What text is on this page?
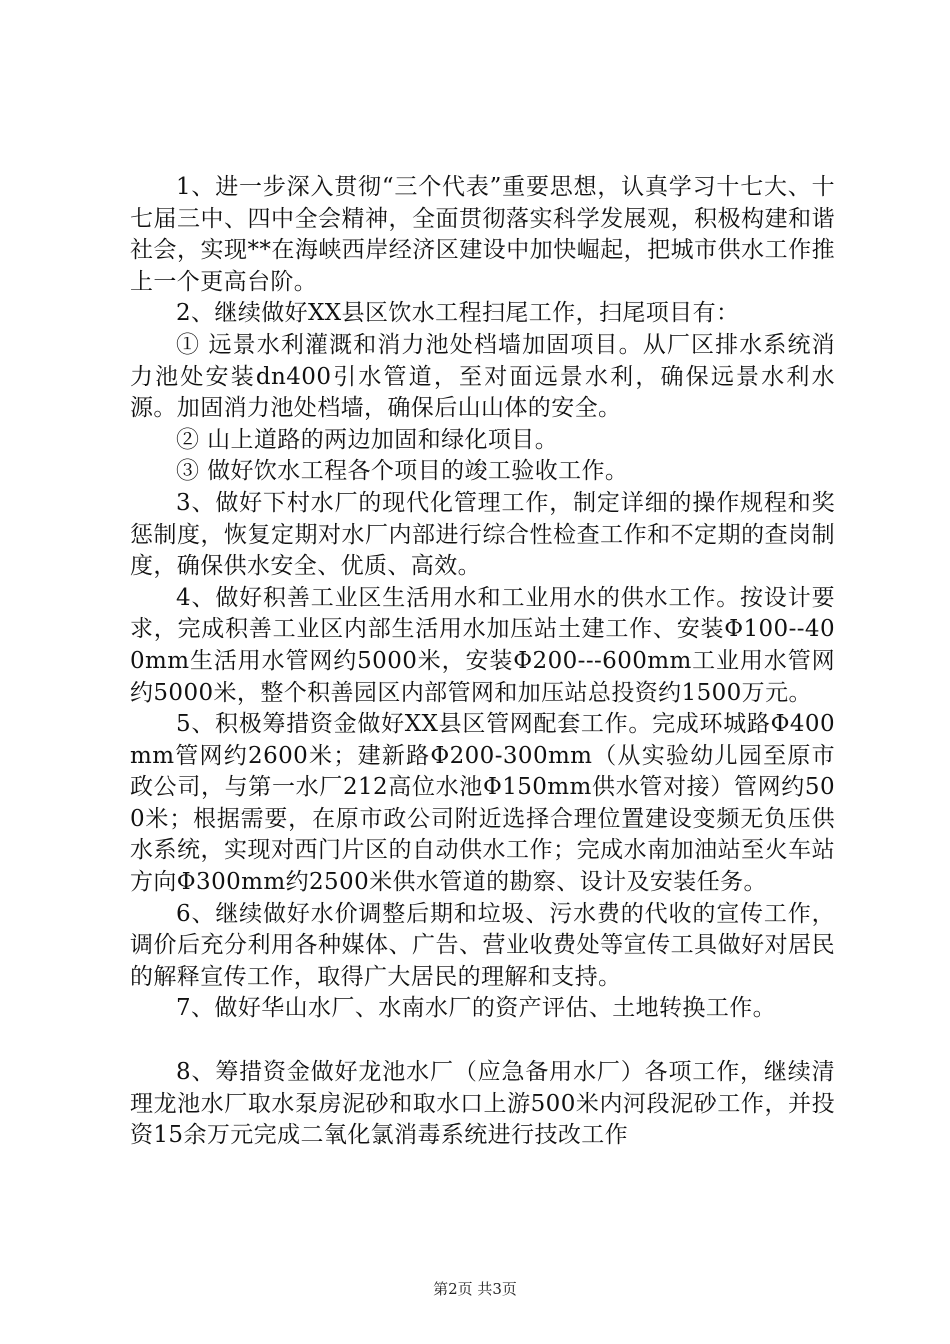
1、进一步深入贯彻“三个代表”重要思想，认真学习十七大、十七届三中、四中全会精神，全面贯彻落实科学发展观，积极构建和谐社会，实现**在海峡西岸经济区建设中加快崛起，把城市供水工作推上一个更高台阶。

2、继续做好XX县区饮水工程扫尾工作，扫尾项目有：

① 远景水利灌溉和消力池处档墙加固项目。从厂区排水系统消力池处安装dn400引水管道，至对面远景水利，确保远景水利水源。加固消力池处档墙，确保后山山体的安全。

② 山上道路的两边加固和绿化项目。

③ 做好饮水工程各个项目的竣工验收工作。

3、做好下村水厂的现代化管理工作，制定详细的操作规程和奖惩制度，恢复定期对水厂内部进行综合性检查工作和不定期的查岗制度，确保供水安全、优质、高效。

4、做好积善工业区生活用水和工业用水的供水工作。按设计要求，完成积善工业区内部生活用水加压站土建工作、安装Φ100--400mm生活用水管网约5000米，安装Φ200---600mm工业用水管网约5000米，整个积善园区内部管网和加压站总投资约1500万元。

5、积极筹措资金做好XX县区管网配套工作。完成环城路Φ400mm管网约2600米；建新路Φ200-300mm（从实验幼儿园至原市政公司，与第一水厂212高位水池Φ150mm供水管对接）管网约500米；根据需要，在原市政公司附近选择合理位置建设变频无负压供水系统，实现对西门片区的自动供水工作；完成水南加油站至火车站方向Φ300mm约2500米供水管道的勘察、设计及安装任务。

6、继续做好水价调整后期和垃圾、污水费的代收的宣传工作，调价后充分利用各种媒体、广告、营业收费处等宣传工具做好对居民的解释宣传工作，取得广大居民的理解和支持。

7、做好华山水厂、水南水厂的资产评估、土地转换工作。

8、筹措资金做好龙池水厂（应急备用水厂）各项工作，继续清理龙池水厂取水泵房泥砂和取水口上游500米内河段泥砂工作，并投资15余万元完成二氧化氯消毒系统进行技改工作

第2页 共3页
